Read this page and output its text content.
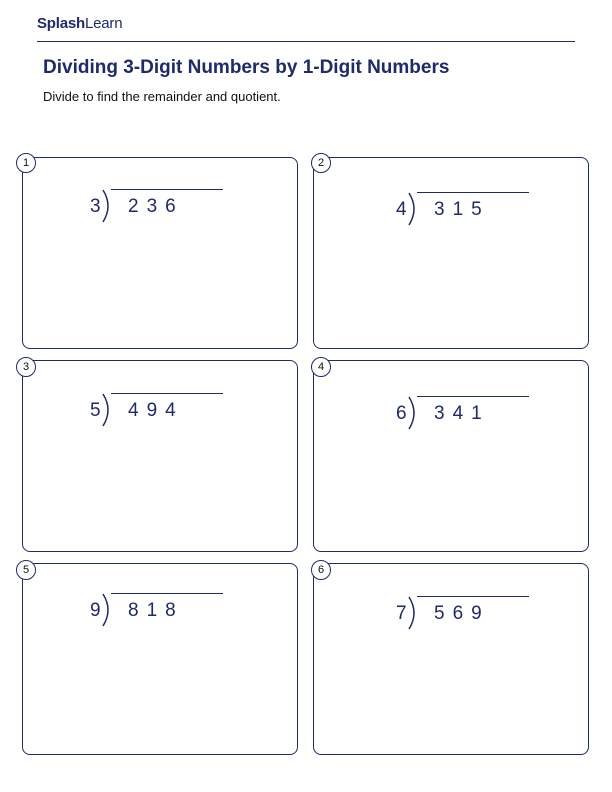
SplashLearn
Dividing 3-Digit Numbers by 1-Digit Numbers
Divide to find the remainder and quotient.
1
3 236
2
4 315
3
5 494
4
6 341
5
9 818
6
7 569
